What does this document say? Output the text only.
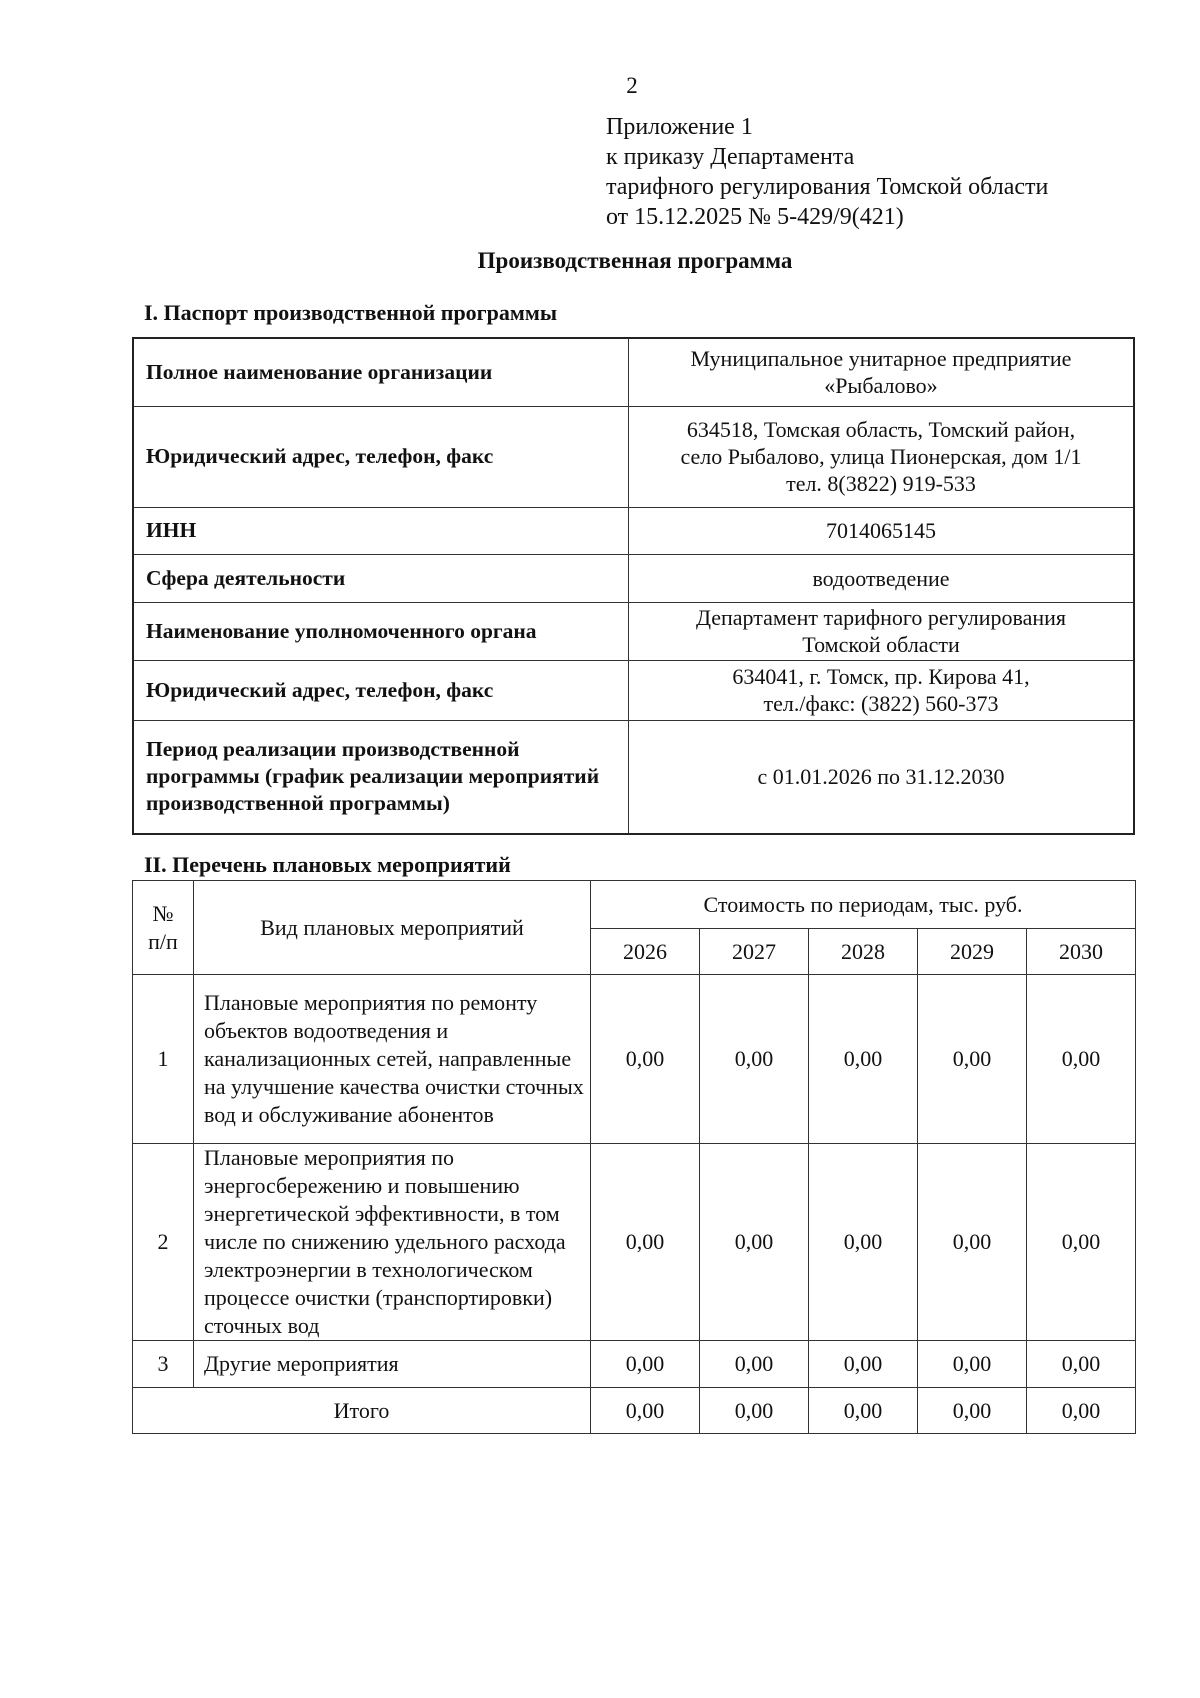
2
Приложение 1
к приказу Департамента
тарифного регулирования Томской области
от 15.12.2025 № 5-429/9(421)
Производственная программа
I. Паспорт производственной программы
Полное наименование организации	Муниципальное унитарное предприятие
«Рыбалово»

Юридический адрес, телефон, факс	634518, Томская область, Томский район,
село Рыбалово, улица Пионерская, дом 1/1
тел. 8(3822) 919-533

ИНН	7014065145

Сфера деятельности	водоотведение

Наименование уполномоченного органа	Департамент тарифного регулирования
Томской области

Юридический адрес, телефон, факс	634041, г. Томск, пр. Кирова 41,
тел./факс: (3822) 560-373

Период реализации производственной программы (график реализации мероприятий производственной программы)	с 01.01.2026 по 31.12.2030
II. Перечень плановых мероприятий
№
п/п	Вид плановых мероприятий	Стоимость по периодам, тыс. руб.				
		2026	2027	2028	2029	2030
1	Плановые мероприятия по ремонту объектов водоотведения и канализационных сетей, направленные на улучшение качества очистки сточных вод и обслуживание абонентов	0,00	0,00	0,00	0,00	0,00
2	Плановые мероприятия по энергосбережению и повышению энергетической эффективности, в том числе по снижению удельного расхода электроэнергии в технологическом процессе очистки (транспортировки) сточных вод	0,00	0,00	0,00	0,00	0,00
3	Другие мероприятия	0,00	0,00	0,00	0,00	0,00
Итого		0,00	0,00	0,00	0,00	0,00
